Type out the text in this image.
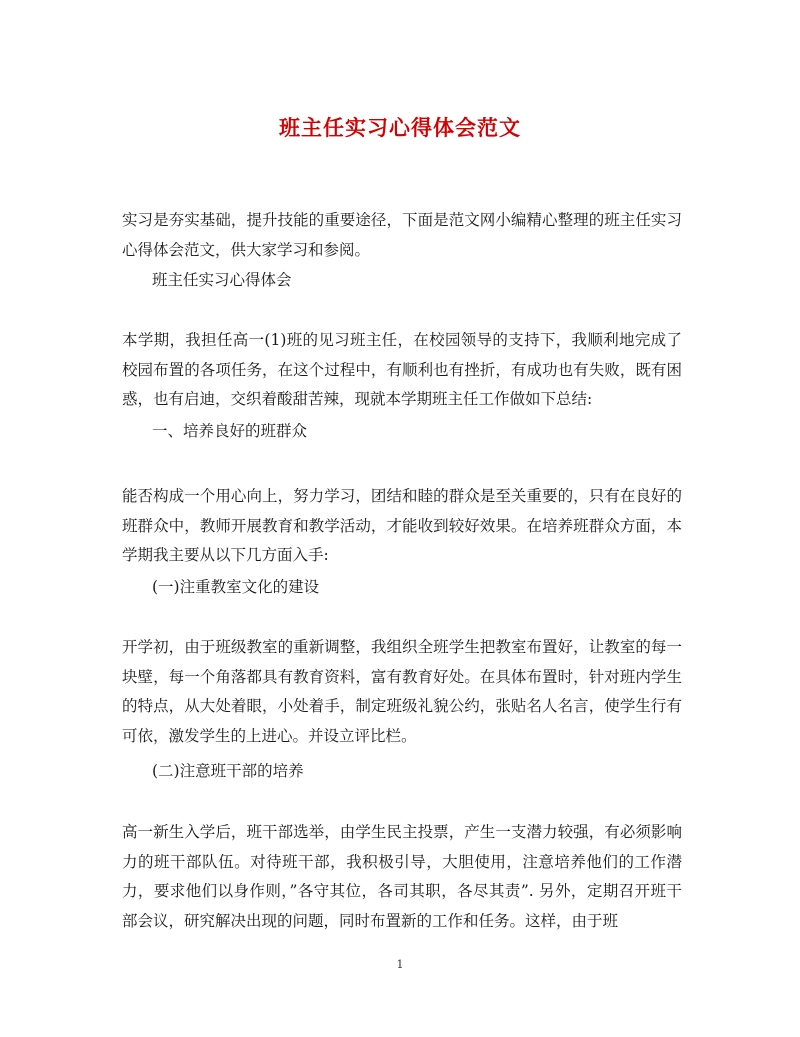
班主任实习心得体会范文

实习是夯实基础，提升技能的重要途径，下面是范文网小编精心整理的班主任实习心得体会范文，供大家学习和参阅。

班主任实习心得体会

本学期，我担任高一(1)班的见习班主任，在校园领导的支持下，我顺利地完成了校园布置的各项任务，在这个过程中，有顺利也有挫折，有成功也有失败，既有困惑，也有启迪，交织着酸甜苦辣，现就本学期班主任工作做如下总结:

一、培养良好的班群众

能否构成一个用心向上，努力学习，团结和睦的群众是至关重要的，只有在良好的班群众中，教师开展教育和教学活动，才能收到较好效果。在培养班群众方面，本学期我主要从以下几方面入手:

(一)注重教室文化的建设

开学初，由于班级教室的重新调整，我组织全班学生把教室布置好，让教室的每一块壁，每一个角落都具有教育资料，富有教育好处。在具体布置时，针对班内学生的特点，从大处着眼，小处着手，制定班级礼貌公约，张贴名人名言，使学生行有可依，激发学生的上进心。并设立评比栏。

(二)注意班干部的培养

高一新生入学后，班干部选举，由学生民主投票，产生一支潜力较强，有必须影响力的班干部队伍。对待班干部，我积极引导，大胆使用，注意培养他们的工作潜力，要求他们以身作则，”各守其位，各司其职，各尽其责”. 另外，定期召开班干部会议，研究解决出现的问题，同时布置新的工作和任务。这样，由于班

1
